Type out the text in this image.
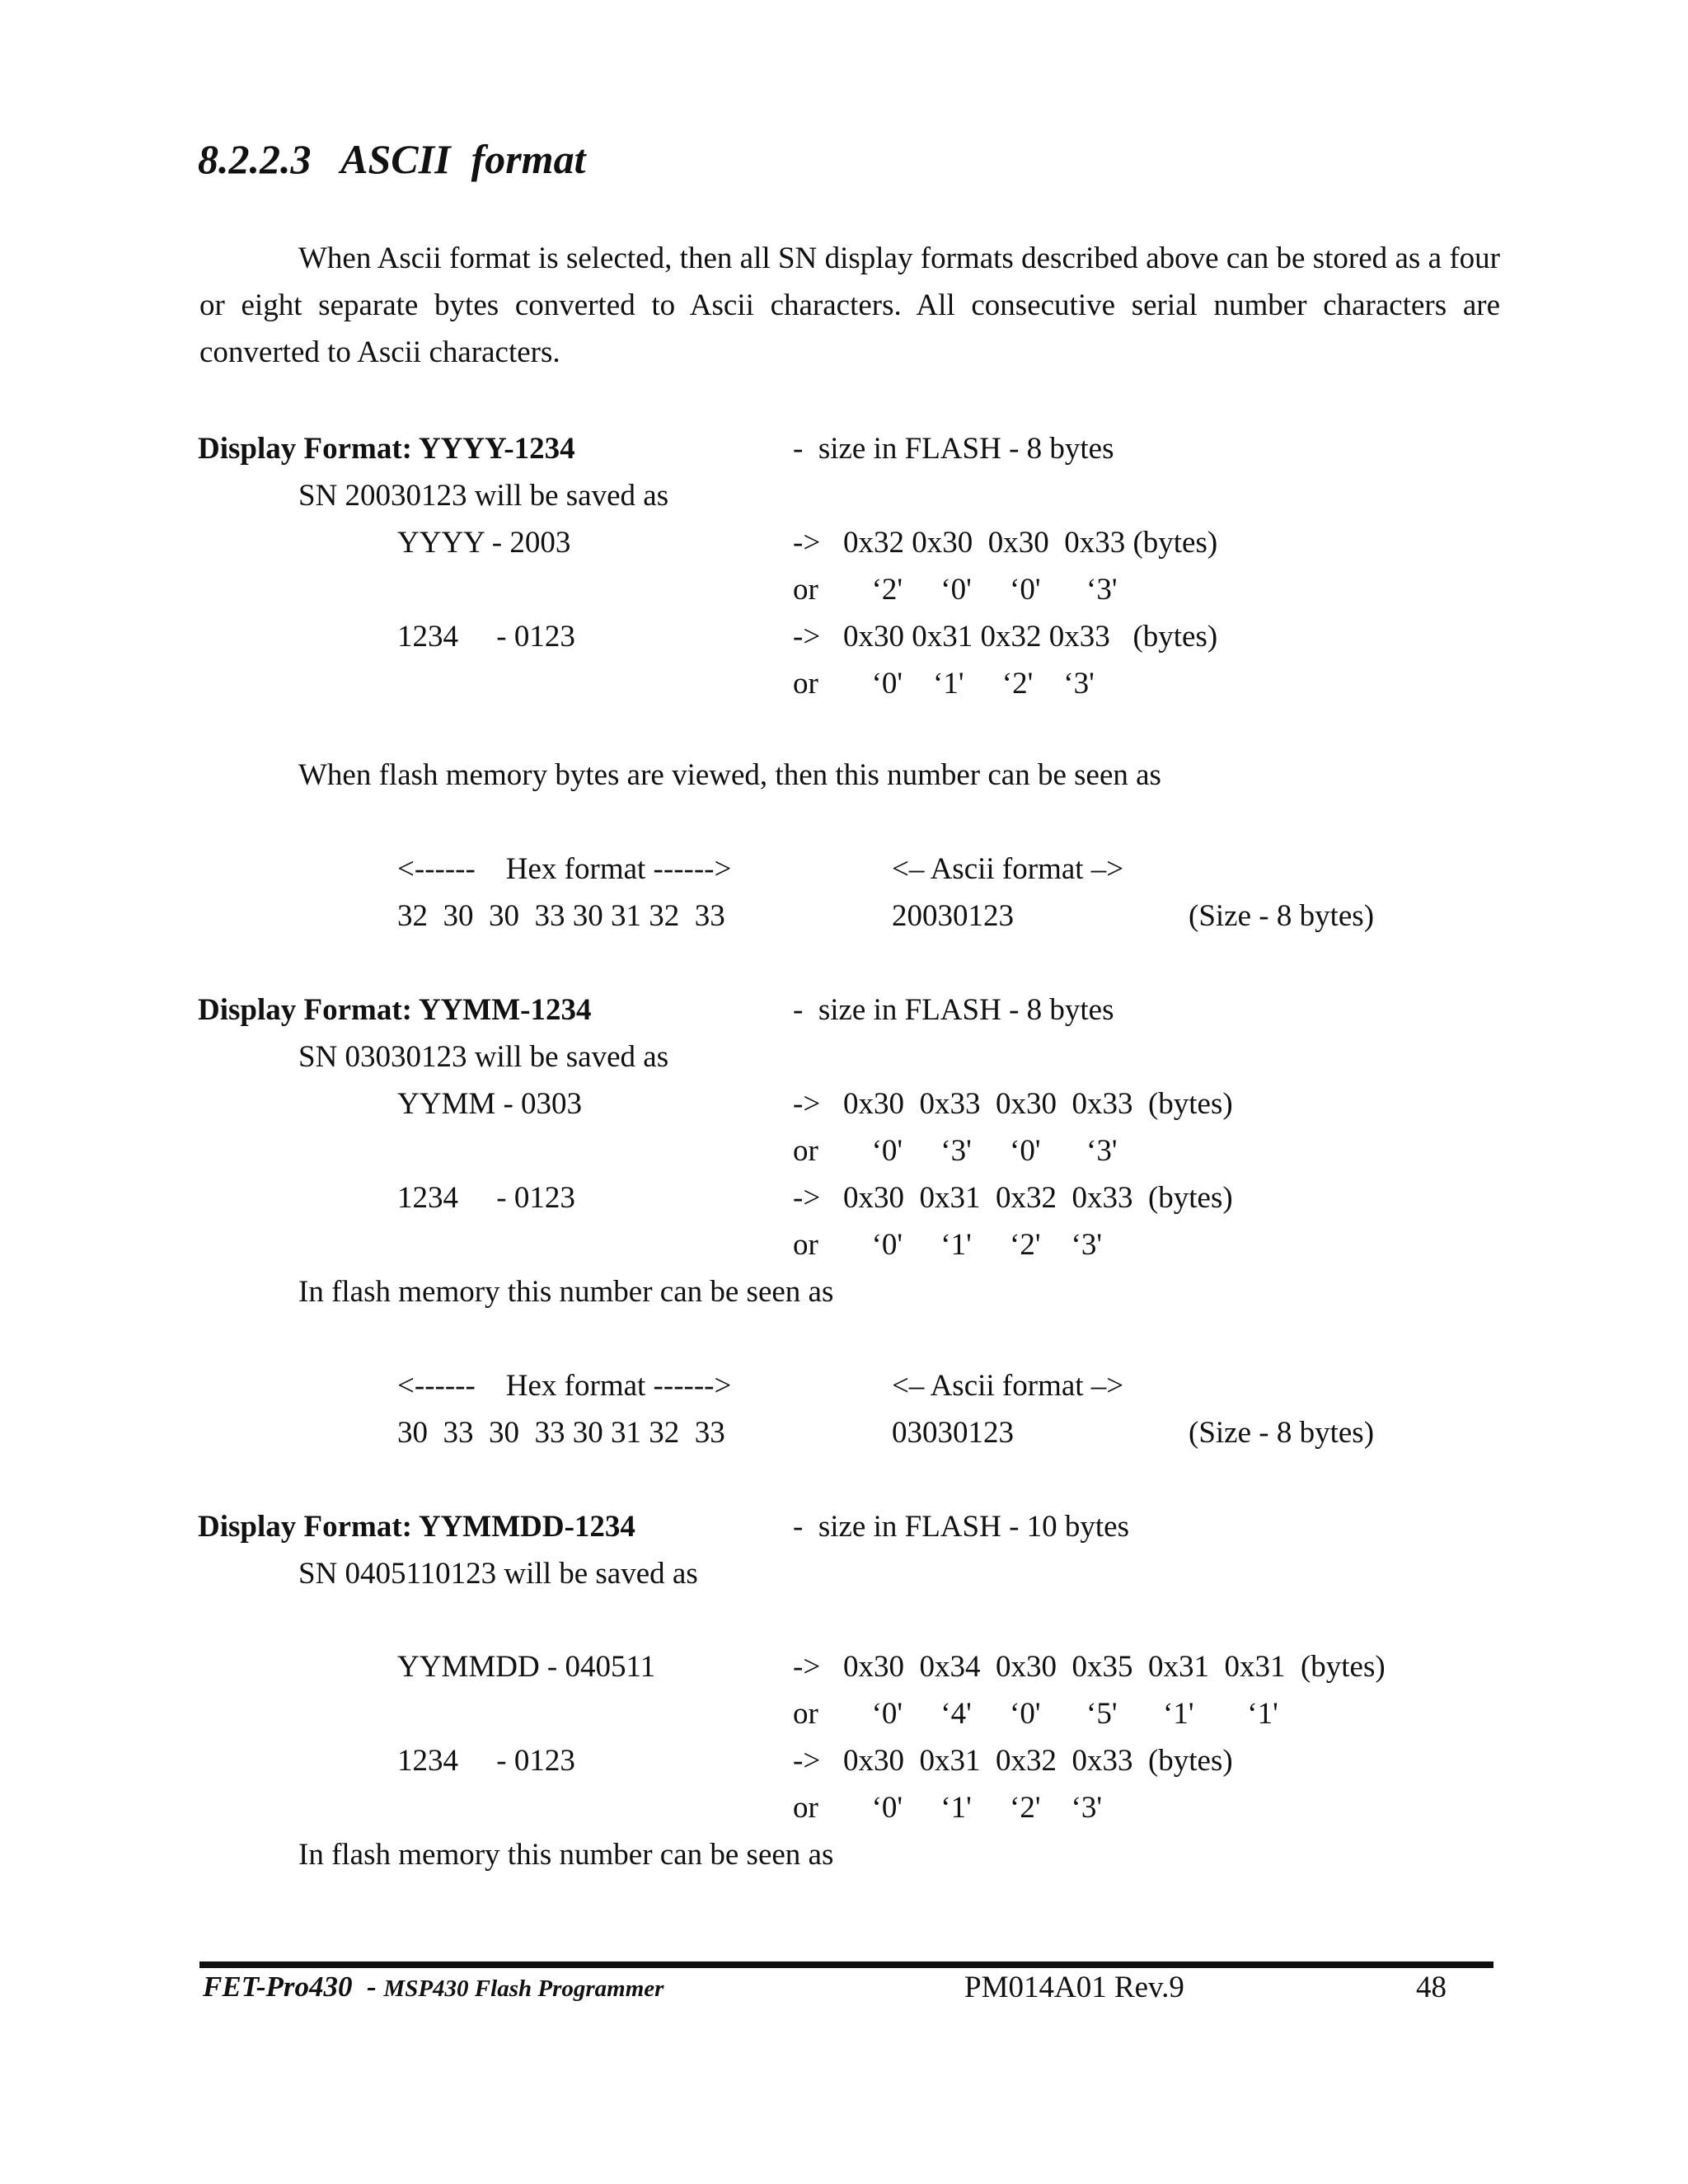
8.2.2.3   ASCII  format
When Ascii format is selected, then all SN display formats described above can be stored as a four or eight separate bytes converted to Ascii characters. All consecutive serial number characters are converted to Ascii characters.
Display Format: YYYY-1234	-  size in FLASH - 8 bytes
SN 20030123 will be saved as
YYYY - 2003	->   0x32 0x30  0x30  0x33 (bytes)
or       ‘2'     ‘0'     ‘0'      ‘3'
1234     - 0123	->   0x30 0x31 0x32 0x33   (bytes)
or       ‘0'    ‘1'     ‘2'    ‘3'
When flash memory bytes are viewed, then this number can be seen as
<------    Hex format ------>	<– Ascii format –>
32  30  30  33 30 31 32  33	20030123	(Size - 8 bytes)
Display Format: YYMM-1234	-  size in FLASH - 8 bytes
SN 03030123 will be saved as
YYMM - 0303	->   0x30  0x33  0x30  0x33  (bytes)
or       ‘0'     ‘3'     ‘0'      ‘3'
1234     - 0123	->   0x30  0x31  0x32  0x33  (bytes)
or       ‘0'     ‘1'     ‘2'    ‘3'
In flash memory this number can be seen as
<------    Hex format ------>	<– Ascii format –>
30  33  30  33 30 31 32  33	03030123	(Size - 8 bytes)
Display Format: YYMMDD-1234	-  size in FLASH - 10 bytes
SN 0405110123 will be saved as
YYMMDD - 040511	->   0x30  0x34  0x30  0x35  0x31  0x31  (bytes)
or       ‘0'     ‘4'     ‘0'      ‘5'      ‘1'       ‘1'
1234     - 0123	->   0x30  0x31  0x32  0x33  (bytes)
or       ‘0'     ‘1'     ‘2'    ‘3'
In flash memory this number can be seen as
FET-Pro430  - MSP430 Flash Programmer	PM014A01 Rev.9	48
